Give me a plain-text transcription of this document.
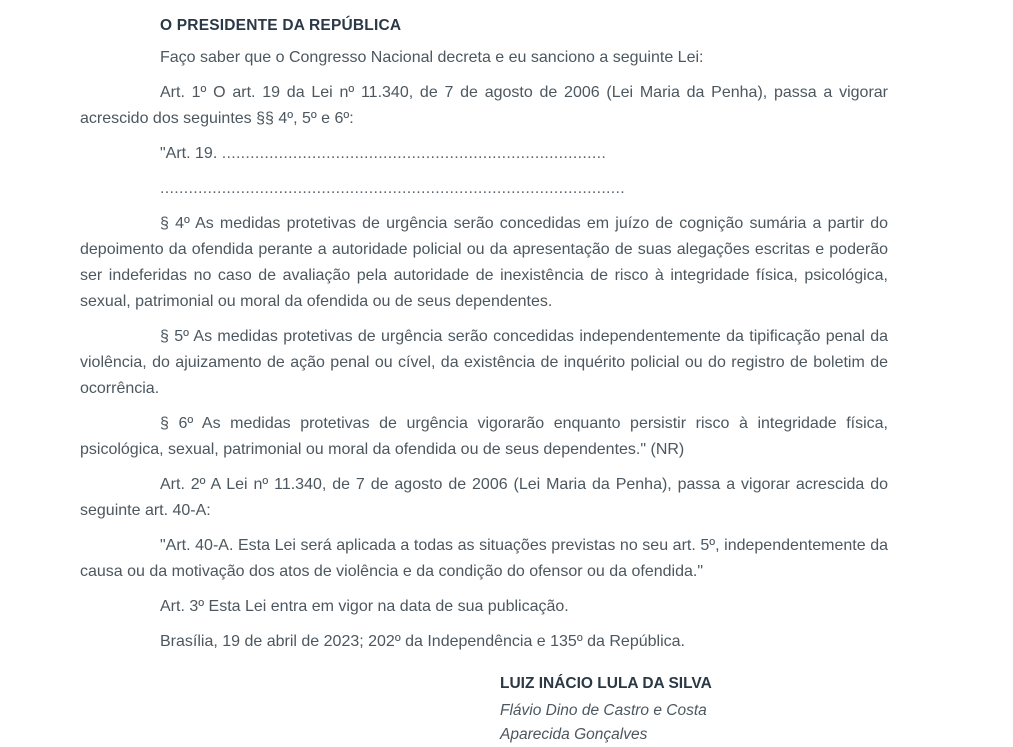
O PRESIDENTE DA REPÚBLICA

Faço saber que o Congresso Nacional decreta e eu sanciono a seguinte Lei:

Art. 1º O art. 19 da Lei nº 11.340, de 7 de agosto de 2006 (Lei Maria da Penha), passa a vigorar acrescido dos seguintes §§ 4º, 5º e 6º:

"Art. 19. .................................................................................

..................................................................................................

§ 4º As medidas protetivas de urgência serão concedidas em juízo de cognição sumária a partir do depoimento da ofendida perante a autoridade policial ou da apresentação de suas alegações escritas e poderão ser indeferidas no caso de avaliação pela autoridade de inexistência de risco à integridade física, psicológica, sexual, patrimonial ou moral da ofendida ou de seus dependentes.

§ 5º As medidas protetivas de urgência serão concedidas independentemente da tipificação penal da violência, do ajuizamento de ação penal ou cível, da existência de inquérito policial ou do registro de boletim de ocorrência.

§ 6º As medidas protetivas de urgência vigorarão enquanto persistir risco à integridade física, psicológica, sexual, patrimonial ou moral da ofendida ou de seus dependentes." (NR)

Art. 2º A Lei nº 11.340, de 7 de agosto de 2006 (Lei Maria da Penha), passa a vigorar acrescida do seguinte art. 40-A:

"Art. 40-A. Esta Lei será aplicada a todas as situações previstas no seu art. 5º, independentemente da causa ou da motivação dos atos de violência e da condição do ofensor ou da ofendida."

Art. 3º Esta Lei entra em vigor na data de sua publicação.

Brasília, 19 de abril de 2023; 202º da Independência e 135º da República.

LUIZ INÁCIO LULA DA SILVA
Flávio Dino de Castro e Costa
Aparecida Gonçalves
